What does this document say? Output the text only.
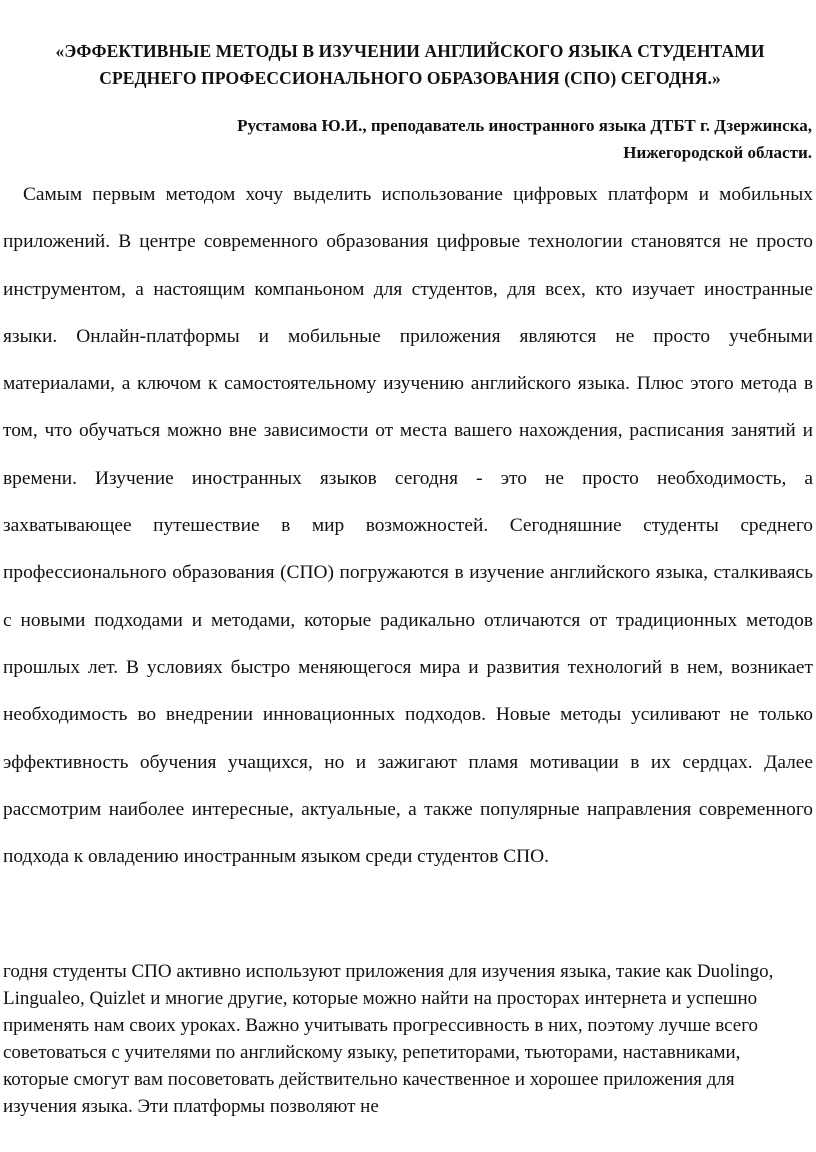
«ЭФФЕКТИВНЫЕ МЕТОДЫ В ИЗУЧЕНИИ АНГЛИЙСКОГО ЯЗЫКА СТУДЕНТАМИ
СРЕДНЕГО ПРОФЕССИОНАЛЬНОГО ОБРАЗОВАНИЯ (СПО) СЕГОДНЯ.»
Рустамова Ю.И., преподаватель иностранного языка ДТБТ г. Дзержинска,
Нижегородской области.

Самым первым методом хочу выделить использование цифровых платформ и мобильных приложений. В центре современного образования цифровые технологии становятся не просто инструментом, а настоящим компаньоном для студентов, для всех, кто изучает иностранные языки. Онлайн-платформы и мобильные приложения являются не просто учебными материалами, а ключом к самостоятельному изучению английского языка. Плюс этого метода в том, что обучаться можно вне зависимости от места вашего нахождения, расписания занятий и времени. Изучение иностранных языков сегодня - это не просто необходимость, а захватывающее путешествие в мир возможностей. Сегодняшние студенты среднего профессионального образования (СПО) погружаются в изучение английского языка, сталкиваясь с новыми подходами и методами, которые радикально отличаются от традиционных методов прошлых лет. В условиях быстро меняющегося мира и развития технологий в нем, возникает необходимость во внедрении инновационных подходов. Новые методы усиливают не только эффективность обучения учащихся, но и зажигают пламя мотивации в их сердцах. Далее рассмотрим наиболее интересные, актуальные, а также популярные направления современного подхода к овладению иностранным языком среди студентов СПО.

годня студенты СПО активно используют приложения для изучения языка, такие как Duolingo, Lingualeo, Quizlet и многие другие, которые можно найти на просторах интернета и успешно применять нам своих уроках. Важно учитывать прогрессивность в них, поэтому лучше всего советоваться с учителями по английскому языку, репетиторами, тьюторами, наставниками, которые смогут вам посоветовать действительно качественное и хорошее приложения для изучения языка. Эти платформы позволяют не
